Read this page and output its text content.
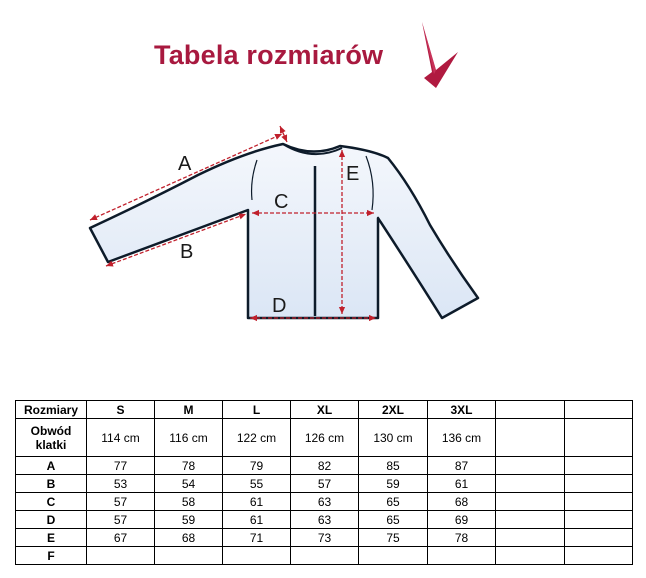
Tabela rozmiarów
A
B
C
D
E
Rozmiary	S	M	L	XL	2XL	3XL		
Obwód klatki	114 cm	116 cm	122 cm	126 cm	130 cm	136 cm		
A	77	78	79	82	85	87		
B	53	54	55	57	59	61		
C	57	58	61	63	65	68		
D	57	59	61	63	65	69		
E	67	68	71	73	75	78		
F								
